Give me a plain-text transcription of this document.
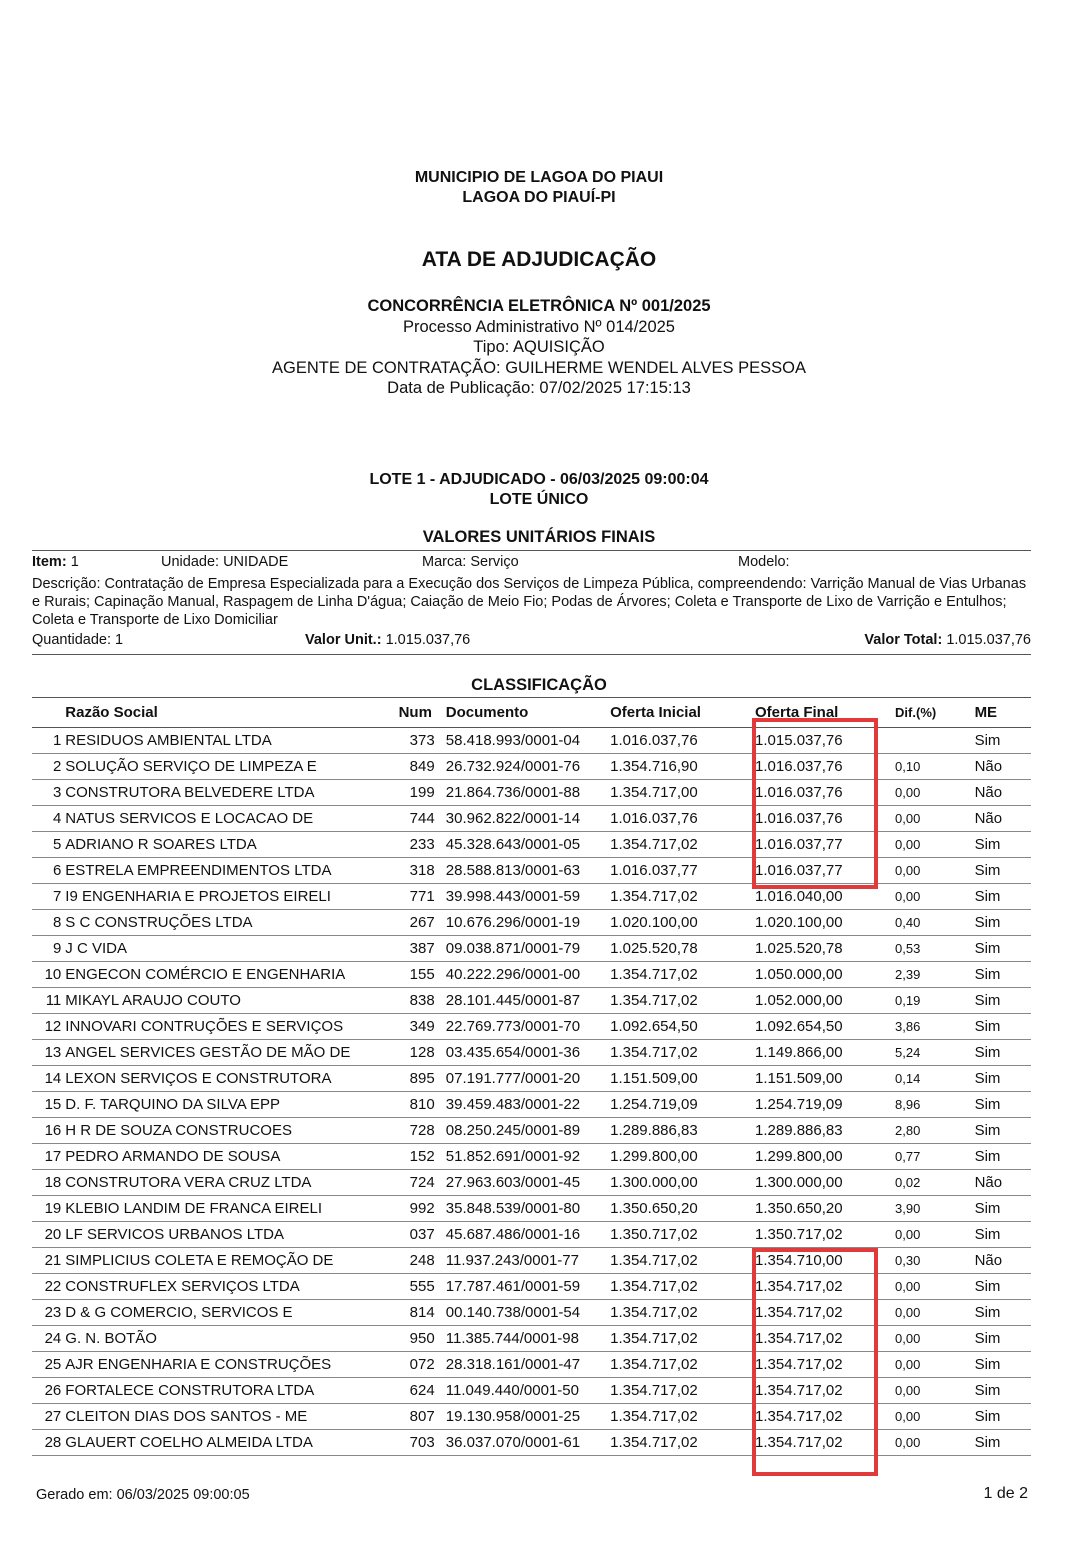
MUNICIPIO DE LAGOA DO PIAUI
LAGOA DO PIAUÍ-PI
ATA DE ADJUDICAÇÃO
CONCORRÊNCIA ELETRÔNICA Nº 001/2025
Processo Administrativo Nº 014/2025
Tipo: AQUISIÇÃO
AGENTE DE CONTRATAÇÃO: GUILHERME WENDEL ALVES PESSOA
Data de Publicação: 07/02/2025 17:15:13
LOTE 1 - ADJUDICADO - 06/03/2025 09:00:04
LOTE ÚNICO
VALORES UNITÁRIOS FINAIS
Item: 1	Unidade: UNIDADE	Marca: Serviço	Modelo:
Descrição: Contratação de Empresa Especializada para a Execução dos Serviços de Limpeza Pública, compreendendo: Varrição Manual de Vias Urbanas e Rurais; Capinação Manual, Raspagem de Linha D'água; Caiação de Meio Fio; Podas de Árvores; Coleta e Transporte de Lixo de Varrição e Entulhos; Coleta e Transporte de Lixo Domiciliar
Quantidade: 1	Valor Unit.: 1.015.037,76	Valor Total: 1.015.037,76
CLASSIFICAÇÃO
	Razão Social	Num	Documento	Oferta Inicial	Oferta Final	Dif.(%)	ME
1	RESIDUOS AMBIENTAL LTDA	373	58.418.993/0001-04	1.016.037,76	1.015.037,76		Sim
2	SOLUÇÃO SERVIÇO DE LIMPEZA E	849	26.732.924/0001-76	1.354.716,90	1.016.037,76	0,10	Não
3	CONSTRUTORA BELVEDERE LTDA	199	21.864.736/0001-88	1.354.717,00	1.016.037,76	0,00	Não
4	NATUS SERVICOS E LOCACAO DE	744	30.962.822/0001-14	1.016.037,76	1.016.037,76	0,00	Não
5	ADRIANO R SOARES LTDA	233	45.328.643/0001-05	1.354.717,02	1.016.037,77	0,00	Sim
6	ESTRELA EMPREENDIMENTOS LTDA	318	28.588.813/0001-63	1.016.037,77	1.016.037,77	0,00	Sim
7	I9 ENGENHARIA E PROJETOS EIRELI	771	39.998.443/0001-59	1.354.717,02	1.016.040,00	0,00	Sim
8	S C CONSTRUÇÕES LTDA	267	10.676.296/0001-19	1.020.100,00	1.020.100,00	0,40	Sim
9	J C VIDA	387	09.038.871/0001-79	1.025.520,78	1.025.520,78	0,53	Sim
10	ENGECON COMÉRCIO E ENGENHARIA	155	40.222.296/0001-00	1.354.717,02	1.050.000,00	2,39	Sim
11	MIKAYL ARAUJO COUTO	838	28.101.445/0001-87	1.354.717,02	1.052.000,00	0,19	Sim
12	INNOVARI CONTRUÇÕES E SERVIÇOS	349	22.769.773/0001-70	1.092.654,50	1.092.654,50	3,86	Sim
13	ANGEL SERVICES GESTÃO DE MÃO DE	128	03.435.654/0001-36	1.354.717,02	1.149.866,00	5,24	Sim
14	LEXON SERVIÇOS E CONSTRUTORA	895	07.191.777/0001-20	1.151.509,00	1.151.509,00	0,14	Sim
15	D. F. TARQUINO DA SILVA EPP	810	39.459.483/0001-22	1.254.719,09	1.254.719,09	8,96	Sim
16	H R DE SOUZA CONSTRUCOES	728	08.250.245/0001-89	1.289.886,83	1.289.886,83	2,80	Sim
17	PEDRO ARMANDO DE SOUSA	152	51.852.691/0001-92	1.299.800,00	1.299.800,00	0,77	Sim
18	CONSTRUTORA VERA CRUZ LTDA	724	27.963.603/0001-45	1.300.000,00	1.300.000,00	0,02	Não
19	KLEBIO LANDIM DE FRANCA EIRELI	992	35.848.539/0001-80	1.350.650,20	1.350.650,20	3,90	Sim
20	LF SERVICOS URBANOS LTDA	037	45.687.486/0001-16	1.350.717,02	1.350.717,02	0,00	Sim
21	SIMPLICIUS COLETA E REMOÇÃO DE	248	11.937.243/0001-77	1.354.717,02	1.354.710,00	0,30	Não
22	CONSTRUFLEX SERVIÇOS LTDA	555	17.787.461/0001-59	1.354.717,02	1.354.717,02	0,00	Sim
23	D & G COMERCIO, SERVICOS E	814	00.140.738/0001-54	1.354.717,02	1.354.717,02	0,00	Sim
24	G. N. BOTÃO	950	11.385.744/0001-98	1.354.717,02	1.354.717,02	0,00	Sim
25	AJR ENGENHARIA E CONSTRUÇÕES	072	28.318.161/0001-47	1.354.717,02	1.354.717,02	0,00	Sim
26	FORTALECE CONSTRUTORA LTDA	624	11.049.440/0001-50	1.354.717,02	1.354.717,02	0,00	Sim
27	CLEITON DIAS DOS SANTOS - ME	807	19.130.958/0001-25	1.354.717,02	1.354.717,02	0,00	Sim
28	GLAUERT COELHO ALMEIDA LTDA	703	36.037.070/0001-61	1.354.717,02	1.354.717,02	0,00	Sim
Gerado em: 06/03/2025 09:00:05	1 de 2
